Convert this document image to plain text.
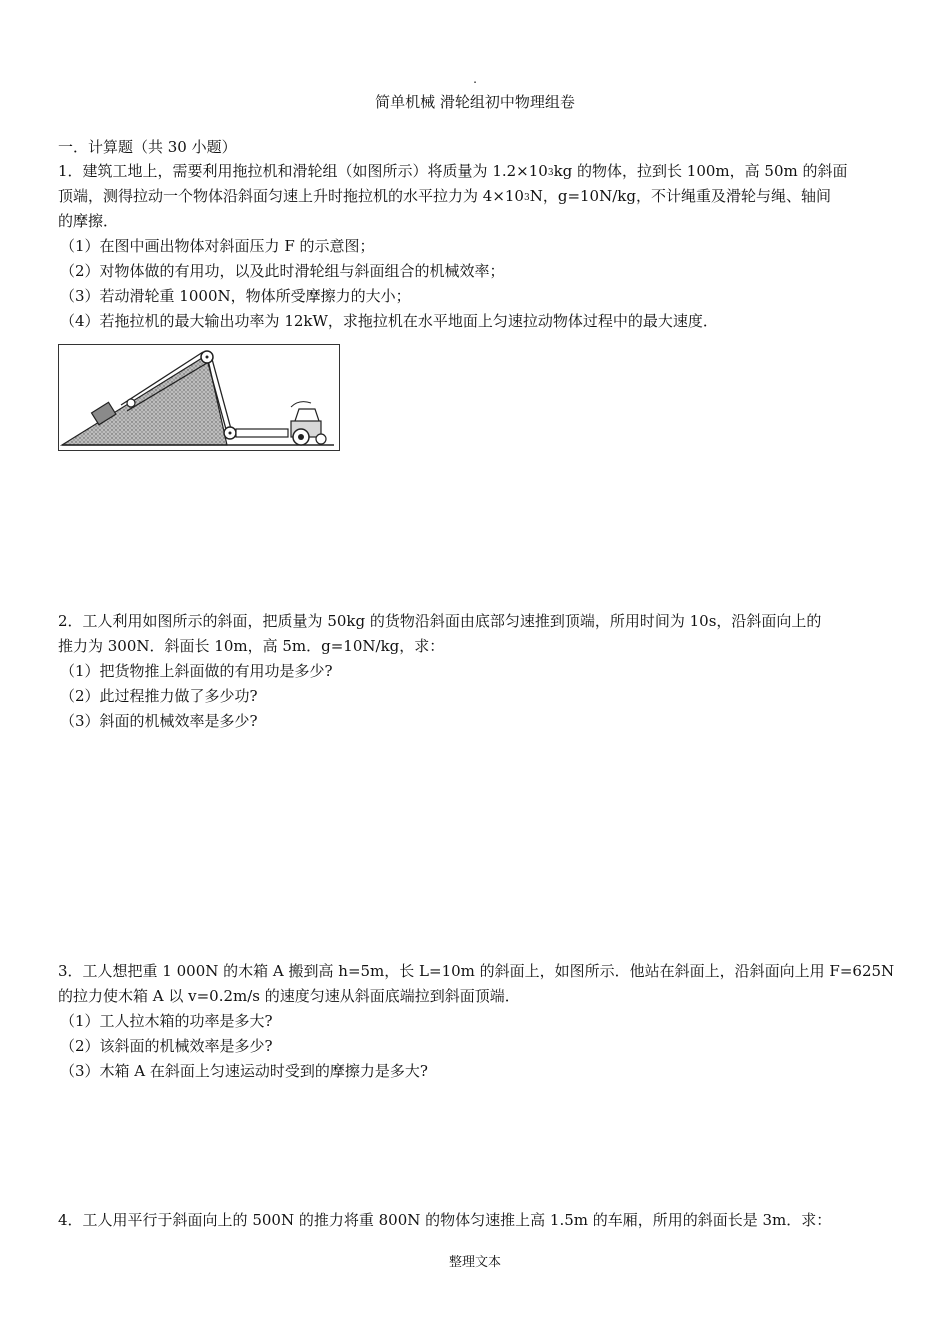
.
简单机械 滑轮组初中物理组卷
一．计算题（共 30 小题）
1．建筑工地上，需要利用拖拉机和滑轮组（如图所示）将质量为 $1.2\times 10^3kg$ 的物体，拉到长 100m，高 50m 的斜面
顶端，测得拉动一个物体沿斜面匀速上升时拖拉机的水平拉力为 $4\times 10^3N$，g=10N/kg，不计绳重及滑轮与绳、轴间
的摩擦．
（1）在图中画出物体对斜面压力 F 的示意图；
（2）对物体做的有用功，以及此时滑轮组与斜面组合的机械效率；
（3）若动滑轮重 1000N，物体所受摩擦力的大小；
（4）若拖拉机的最大输出功率为 12kW，求拖拉机在水平地面上匀速拉动物体过程中的最大速度．
2．工人利用如图所示的斜面，把质量为 50kg 的货物沿斜面由底部匀速推到顶端，所用时间为 10s，沿斜面向上的
推力为 300N．斜面长 10m，高 5m．g=10N/kg，求：
（1）把货物推上斜面做的有用功是多少?
（2）此过程推力做了多少功?
（3）斜面的机械效率是多少?
3．工人想把重 1 000N 的木箱 A 搬到高 h=5m，长 L=10m 的斜面上，如图所示．他站在斜面上，沿斜面向上用 F=625N
的拉力使木箱 A 以 v=0.2m/s 的速度匀速从斜面底端拉到斜面顶端．
（1）工人拉木箱的功率是多大?
（2）该斜面的机械效率是多少?
（3）木箱 A 在斜面上匀速运动时受到的摩擦力是多大?
4．工人用平行于斜面向上的 500N 的推力将重 800N 的物体匀速推上高 1.5m 的车厢，所用的斜面长是 3m．求：
整理文本
